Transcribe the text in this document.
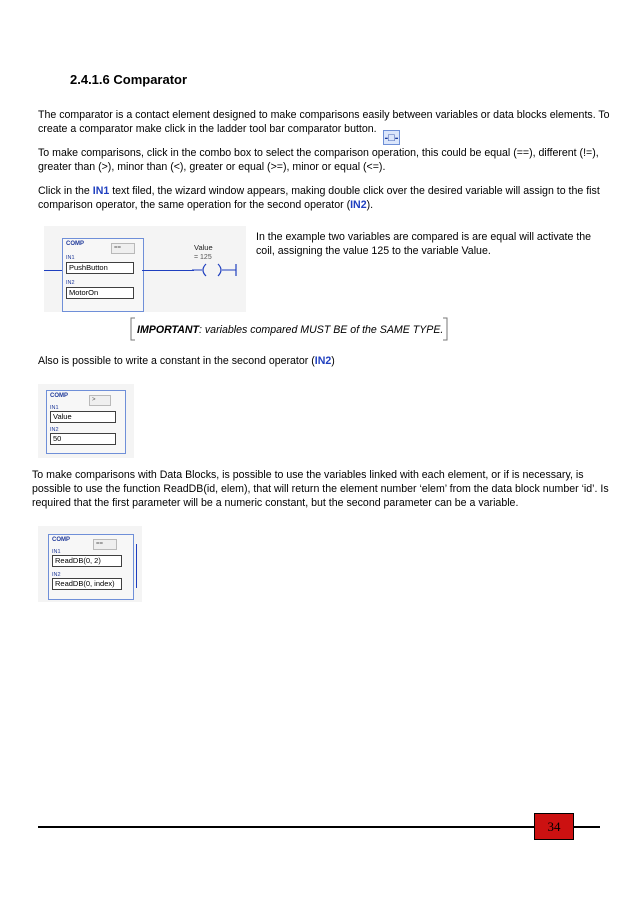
2.4.1.6 Comparator
The comparator is a contact element designed to make comparisons easily between variables or data blocks elements. To create a comparator make click in the ladder tool bar comparator button.
-□-
To make comparisons, click in the combo box to select the comparison operation, this could be equal (==), different (!=), greater than (>), minor than (<), greater or equal (>=), minor or equal (<=).
Click in the IN1 text filed, the wizard window appears, making double click over the desired variable will assign to the fist comparison operator, the same operation for the second operator (IN2).
COMP
==
IN1
PushButton
IN2
MotorOn
Value
= 125
In the example two variables are compared is are equal will activate the coil, assigning the value 125 to the variable Value.
IMPORTANT: variables compared MUST BE of the SAME TYPE.
Also is possible to write a constant in the second operator (IN2)
COMP
>
IN1
Value
IN2
50
To make comparisons with Data Blocks, is possible to use the variables linked with each element, or if is necessary, is possible to use the function ReadDB(id, elem), that will return the element number ‘elem’ from the data block number ‘id’. Is required that the first parameter will be a numeric constant, but the second parameter can be a variable.
COMP
==
IN1
ReadDB(0, 2)
IN2
ReadDB(0, index)
34
